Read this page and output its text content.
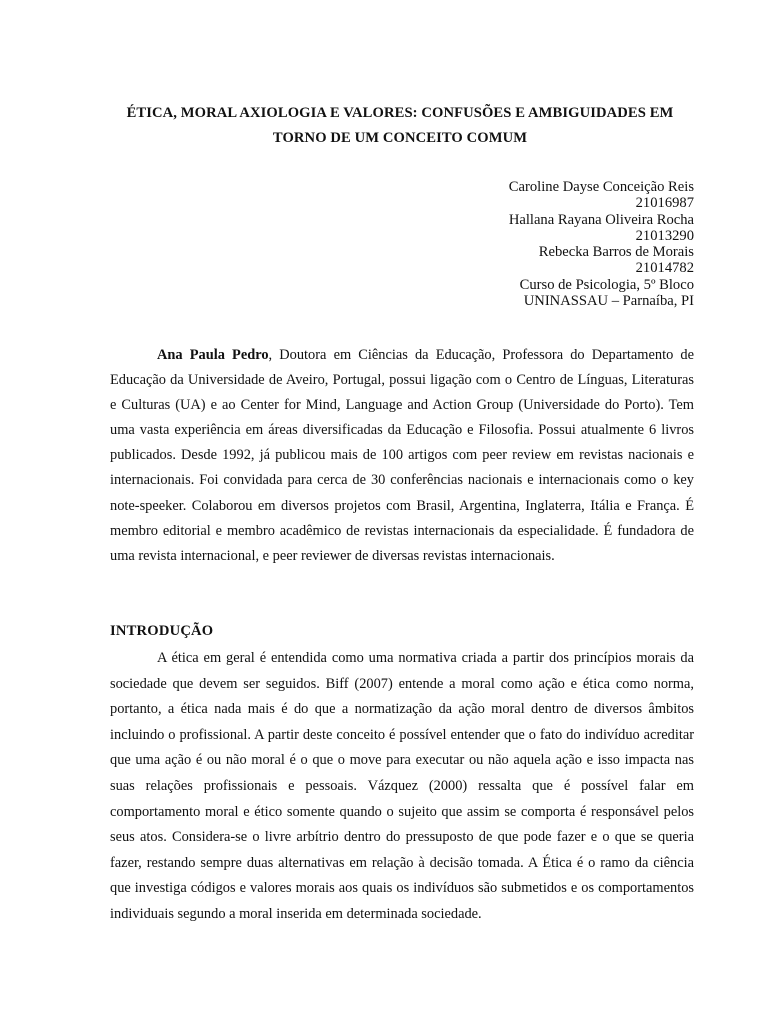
ÉTICA, MORAL AXIOLOGIA E VALORES: CONFUSÕES E AMBIGUIDADES EM TORNO DE UM CONCEITO COMUM
Caroline Dayse Conceição Reis
21016987
Hallana Rayana Oliveira Rocha
21013290
Rebecka Barros de Morais
21014782
Curso de Psicologia, 5º Bloco
UNINASSAU – Parnaíba, PI

Ana Paula Pedro, Doutora em Ciências da Educação, Professora do Departamento de Educação da Universidade de Aveiro, Portugal, possui ligação com o Centro de Línguas, Literaturas e Culturas (UA) e ao Center for Mind, Language and Action Group (Universidade do Porto). Tem uma vasta experiência em áreas diversificadas da Educação e Filosofia. Possui atualmente 6 livros publicados. Desde 1992, já publicou mais de 100 artigos com peer review em revistas nacionais e internacionais. Foi convidada para cerca de 30 conferências nacionais e internacionais como o key note-speeker. Colaborou em diversos projetos com Brasil, Argentina, Inglaterra, Itália e França. É membro editorial e membro acadêmico de revistas internacionais da especialidade. É fundadora de uma revista internacional, e peer reviewer de diversas revistas internacionais.

INTRODUÇÃO

A ética em geral é entendida como uma normativa criada a partir dos princípios morais da sociedade que devem ser seguidos. Biff (2007) entende a moral como ação e ética como norma, portanto, a ética nada mais é do que a normatização da ação moral dentro de diversos âmbitos incluindo o profissional. A partir deste conceito é possível entender que o fato do indivíduo acreditar que uma ação é ou não moral é o que o move para executar ou não aquela ação e isso impacta nas suas relações profissionais e pessoais. Vázquez (2000) ressalta que é possível falar em comportamento moral e ético somente quando o sujeito que assim se comporta é responsável pelos seus atos. Considera-se o livre arbítrio dentro do pressuposto de que pode fazer e o que se queria fazer, restando sempre duas alternativas em relação à decisão tomada. A Ética é o ramo da ciência que investiga códigos e valores morais aos quais os indivíduos são submetidos e os comportamentos individuais segundo a moral inserida em determinada sociedade.
